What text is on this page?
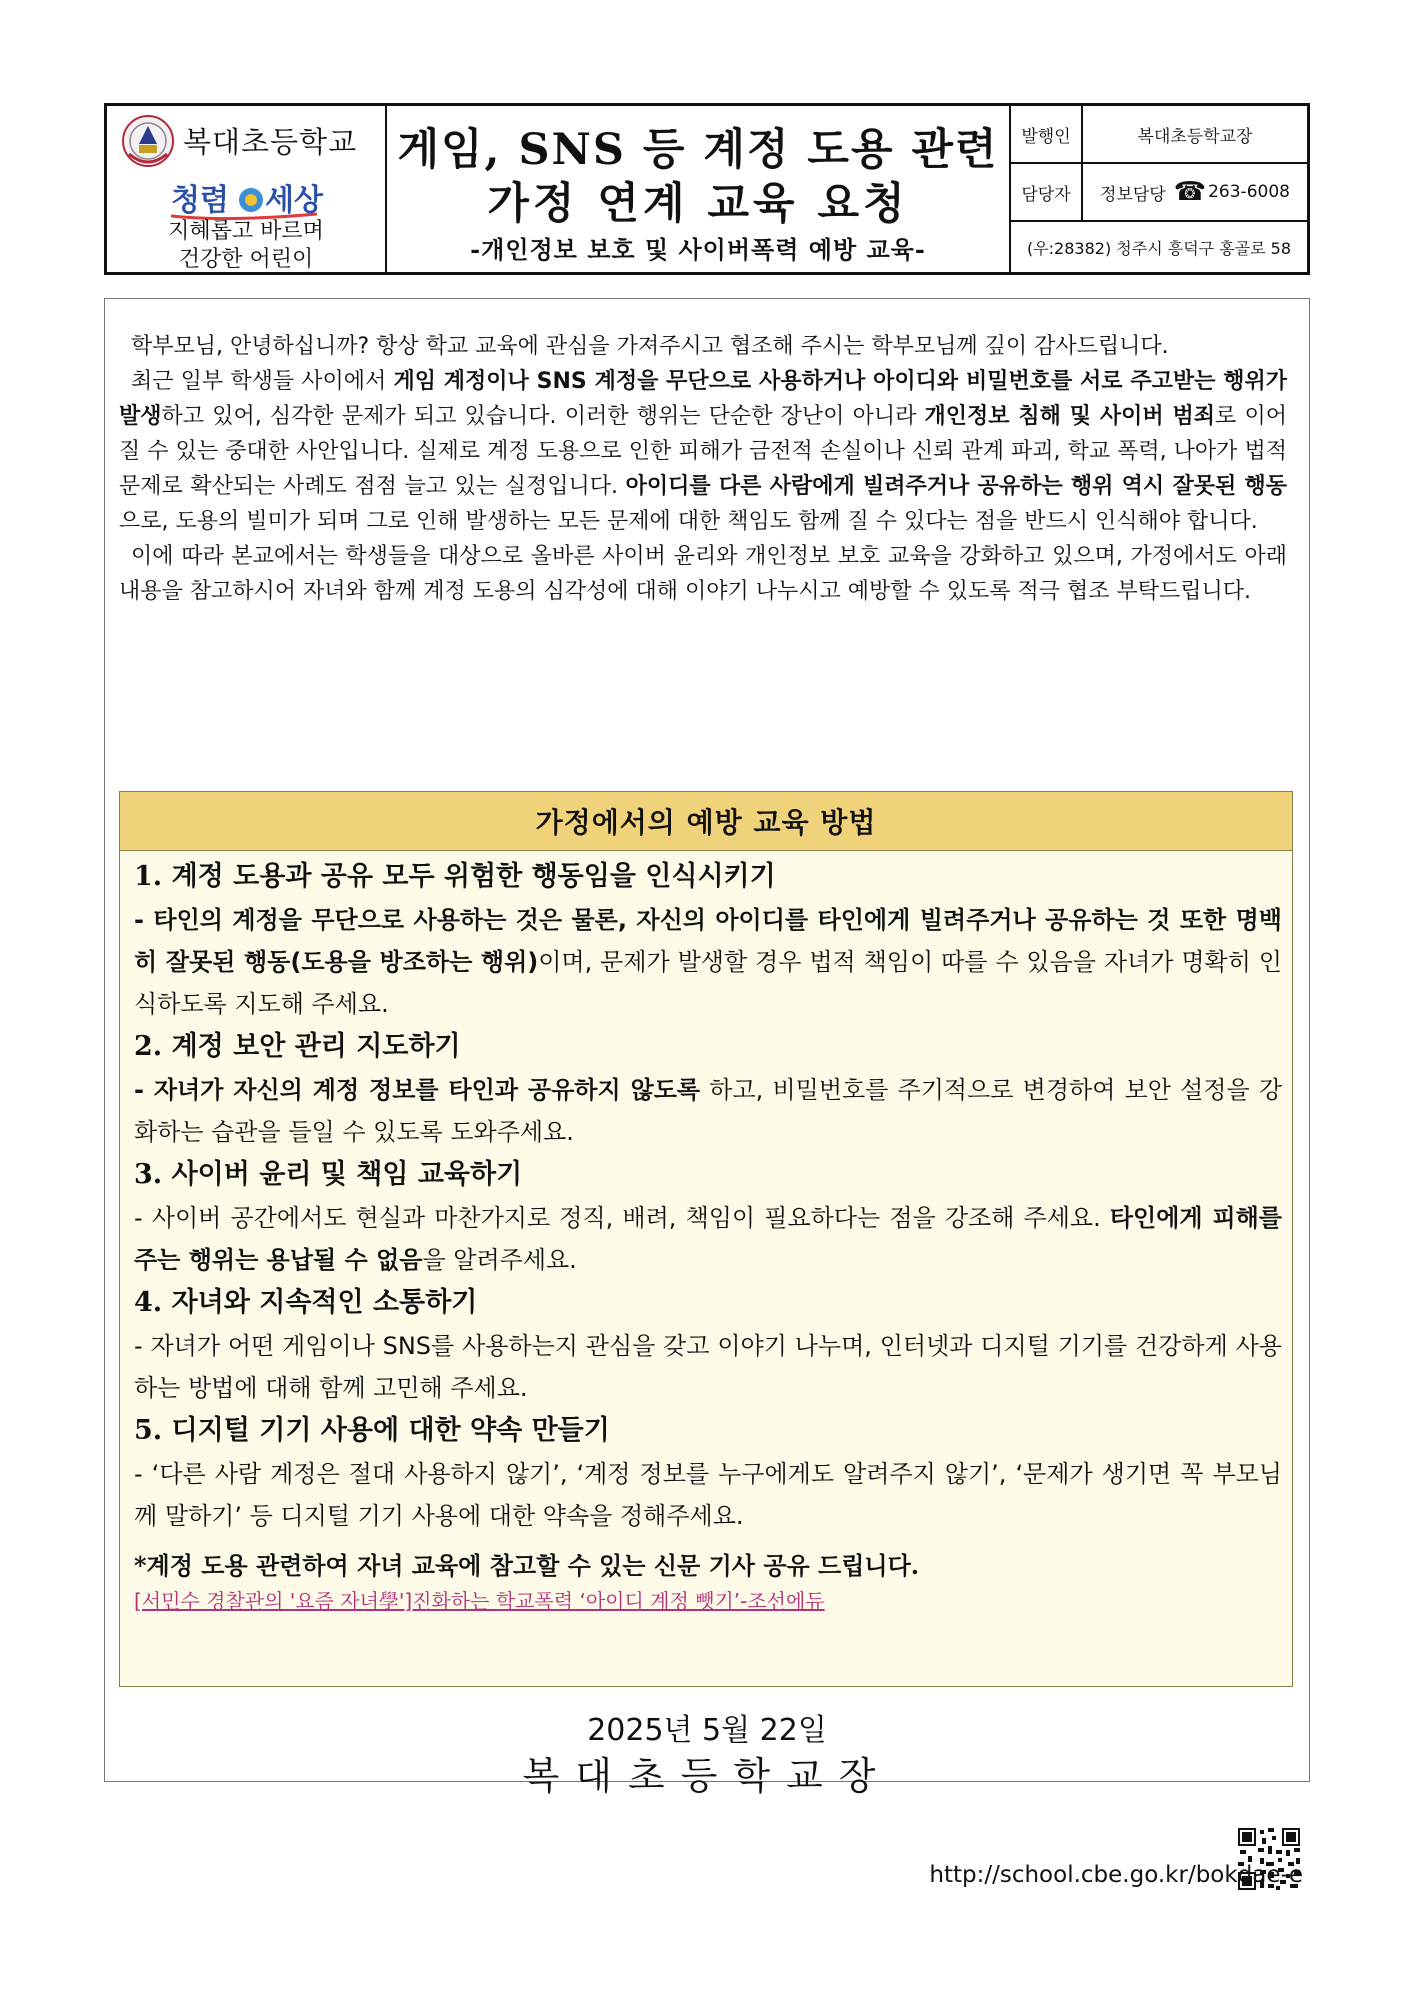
복대초등학교
청렴 세상
지혜롭고 바르며
건강한 어린이
게임, SNS 등 계정 도용 관련
가정 연계 교육 요청
-개인정보 보호 및 사이버폭력 예방 교육-
발행인	복대초등학교장
담당자	정보담당 ☎ 263-6008
(우:28382) 청주시 흥덕구 홍골로 58

학부모님, 안녕하십니까? 항상 학교 교육에 관심을 가져주시고 협조해 주시는 학부모님께 깊이 감사드립니다.

최근 일부 학생들 사이에서 게임 계정이나 SNS 계정을 무단으로 사용하거나 아이디와 비밀번호를 서로 주고받는 행위가 발생하고 있어, 심각한 문제가 되고 있습니다. 이러한 행위는 단순한 장난이 아니라 개인정보 침해 및 사이버 범죄로 이어질 수 있는 중대한 사안입니다. 실제로 계정 도용으로 인한 피해가 금전적 손실이나 신뢰 관계 파괴, 학교 폭력, 나아가 법적 문제로 확산되는 사례도 점점 늘고 있는 실정입니다. 아이디를 다른 사람에게 빌려주거나 공유하는 행위 역시 잘못된 행동으로, 도용의 빌미가 되며 그로 인해 발생하는 모든 문제에 대한 책임도 함께 질 수 있다는 점을 반드시 인식해야 합니다.

이에 따라 본교에서는 학생들을 대상으로 올바른 사이버 윤리와 개인정보 보호 교육을 강화하고 있으며, 가정에서도 아래 내용을 참고하시어 자녀와 함께 계정 도용의 심각성에 대해 이야기 나누시고 예방할 수 있도록 적극 협조 부탁드립니다.

가정에서의 예방 교육 방법
1. 계정 도용과 공유 모두 위험한 행동임을 인식시키기

- 타인의 계정을 무단으로 사용하는 것은 물론, 자신의 아이디를 타인에게 빌려주거나 공유하는 것 또한 명백히 잘못된 행동(도용을 방조하는 행위)이며, 문제가 발생할 경우 법적 책임이 따를 수 있음을 자녀가 명확히 인식하도록 지도해 주세요.

2. 계정 보안 관리 지도하기

- 자녀가 자신의 계정 정보를 타인과 공유하지 않도록 하고, 비밀번호를 주기적으로 변경하여 보안 설정을 강화하는 습관을 들일 수 있도록 도와주세요.

3. 사이버 윤리 및 책임 교육하기

- 사이버 공간에서도 현실과 마찬가지로 정직, 배려, 책임이 필요하다는 점을 강조해 주세요. 타인에게 피해를 주는 행위는 용납될 수 없음을 알려주세요.

4. 자녀와 지속적인 소통하기

- 자녀가 어떤 게임이나 SNS를 사용하는지 관심을 갖고 이야기 나누며, 인터넷과 디지털 기기를 건강하게 사용하는 방법에 대해 함께 고민해 주세요.

5. 디지털 기기 사용에 대한 약속 만들기

- ‘다른 사람 계정은 절대 사용하지 않기’, ‘계정 정보를 누구에게도 알려주지 않기’, ‘문제가 생기면 꼭 부모님께 말하기’ 등 디지털 기기 사용에 대한 약속을 정해주세요.

*계정 도용 관련하여 자녀 교육에 참고할 수 있는 신문 기사 공유 드립니다.
[서민수 경찰관의 '요즘 자녀學']진화하는 학교폭력 ‘아이디 계정 뺏기’-조선에듀
2025년 5월 22일
복대초등학교장
http://school.cbe.go.kr/bokdae-e
